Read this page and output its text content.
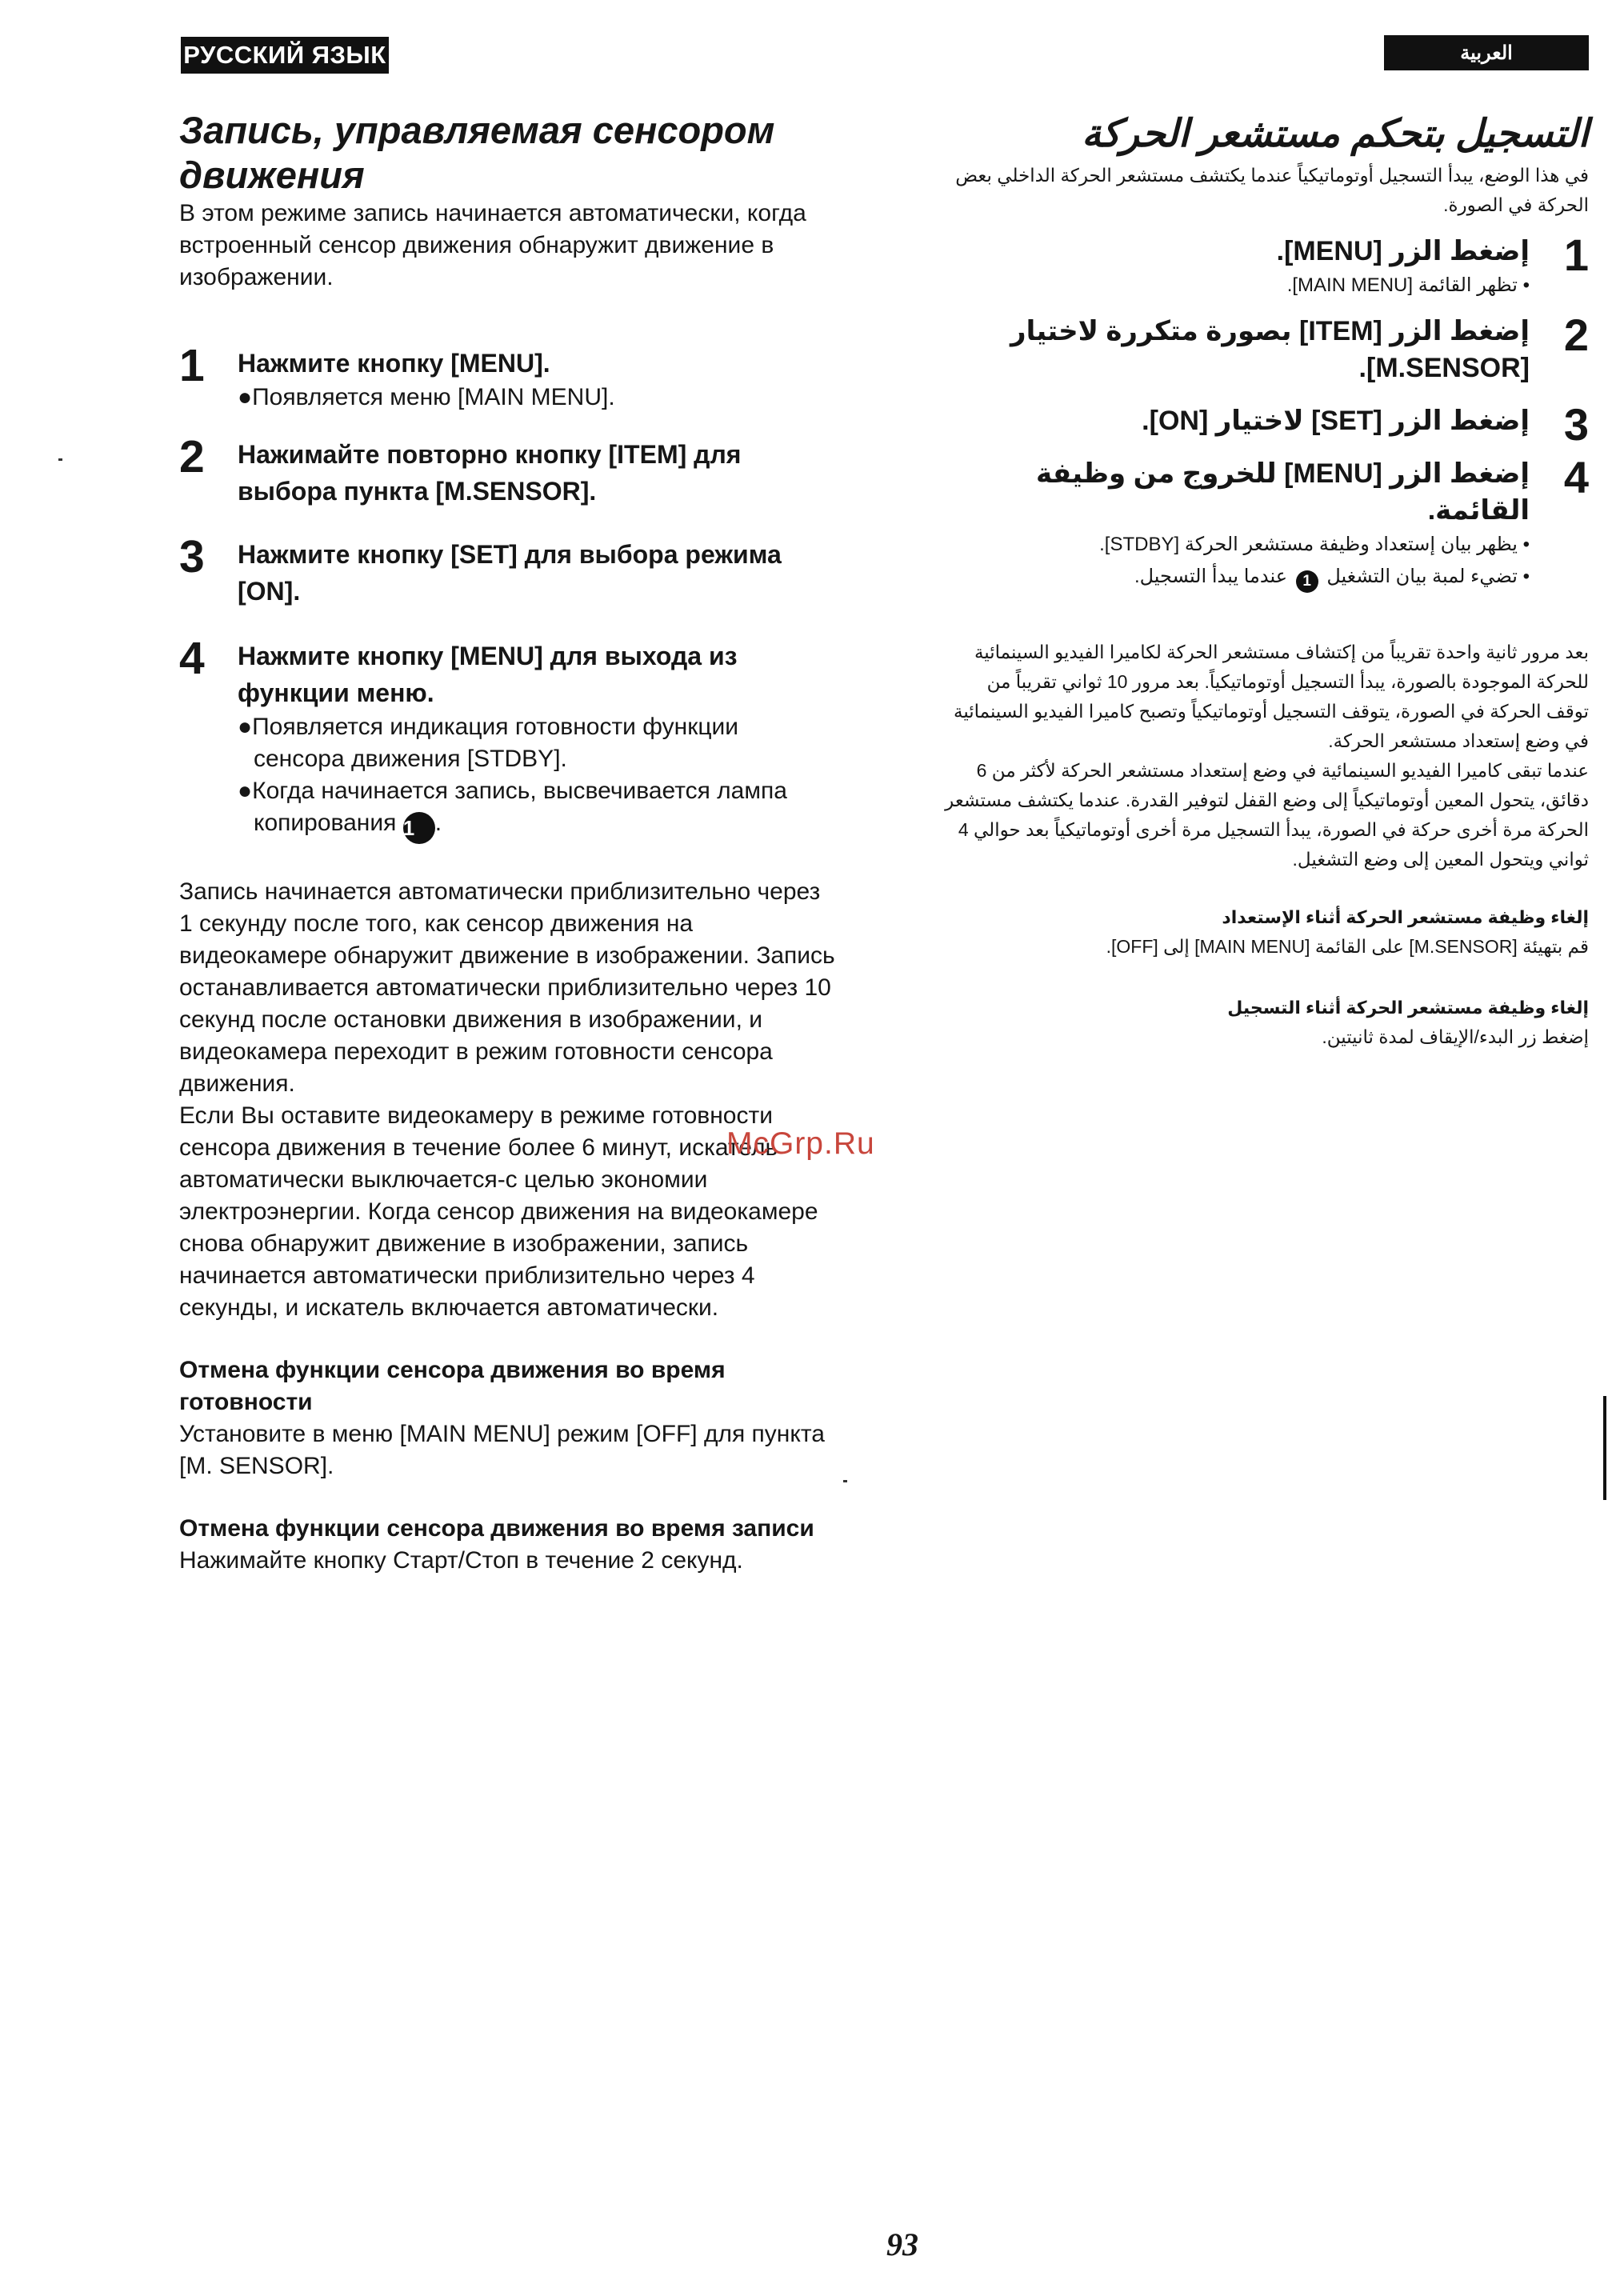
РУССКИЙ ЯЗЫК	العربية
Запись, управляемая сенсором движения

В этом режиме запись начинается автоматически, когда встроенный сенсор движения обнаружит движение в изображении.

1 Нажмите кнопку [MENU].
●Появляется меню [MAIN MENU].
2 Нажимайте повторно кнопку [ITEM] для выбора пункта [M.SENSOR].
3 Нажмите кнопку [SET] для выбора режима [ON].
4 Нажмите кнопку [MENU] для выхода из функции меню.
●Появляется индикация готовности функции сенсора движения [STDBY].
●Когда начинается запись, высвечивается лампа копирования 1 .

Запись начинается автоматически приблизительно через 1 секунду после того, как сенсор движения на видеокамере обнаружит движение в изображении. Запись останавливается автоматически приблизительно через 10 секунд после остановки движения в изображении, и видеокамера переходит в режим готовности сенсора движения.

Если Вы оставите видеокамеру в режиме готовности сенсора движения в течение более 6 минут, искатель автоматически выключается-с целью экономии электроэнергии. Когда сенсор движения на видеокамере снова обнаружит движение в изображении, запись начинается автоматически приблизительно через 4 секунды, и искатель включается автоматически.

Отмена функции сенсора движения во время готовности

Установите в меню [MAIN MENU] режим [OFF] для пункта [M. SENSOR].

Отмена функции сенсора движения во время записи

Нажимайте кнопку Старт/Стоп в течение 2 секунд.

التسجيل بتحكم مستشعر الحركة

في هذا الوضع، يبدأ التسجيل أوتوماتيكياً عندما يكتشف مستشعر الحركة الداخلي بعض الحركة في الصورة.

1
إضغط الزر [MENU].
• تظهر القائمة [MAIN MENU].
2
إضغط الزر [ITEM] بصورة متكررة لاختيار [M.SENSOR].
3
إضغط الزر [SET] لاختيار [ON].
4
إضغط الزر [MENU] للخروج من وظيفة القائمة.
• يظهر بيان إستعداد وظيفة مستشعر الحركة [STDBY].
• تضيء لمبة بيان التشغيل 1 عندما يبدأ التسجيل.

بعد مرور ثانية واحدة تقريباً من إكتشاف مستشعر الحركة لكاميرا الفيديو السينمائية للحركة الموجودة بالصورة، يبدأ التسجيل أوتوماتيكياً. بعد مرور 10 ثواني تقريباً من توقف الحركة في الصورة، يتوقف التسجيل أوتوماتيكياً وتصبح كاميرا الفيديو السينمائية في وضع إستعداد مستشعر الحركة.

عندما تبقى كاميرا الفيديو السينمائية في وضع إستعداد مستشعر الحركة لأكثر من 6 دقائق، يتحول المعين أوتوماتيكياً إلى وضع القفل لتوفير القدرة. عندما يكتشف مستشعر الحركة مرة أخرى حركة في الصورة، يبدأ التسجيل مرة أخرى أوتوماتيكياً بعد حوالي 4 ثواني ويتحول المعين إلى وضع التشغيل.

إلغاء وظيفة مستشعر الحركة أثناء الإستعداد

قم بتهيئة [M.SENSOR] على القائمة [MAIN MENU] إلى [OFF].

إلغاء وظيفة مستشعر الحركة أثناء التسجيل

إضغط زر البدء/الإيقاف لمدة ثانيتين.

McGrp.Ru
93
